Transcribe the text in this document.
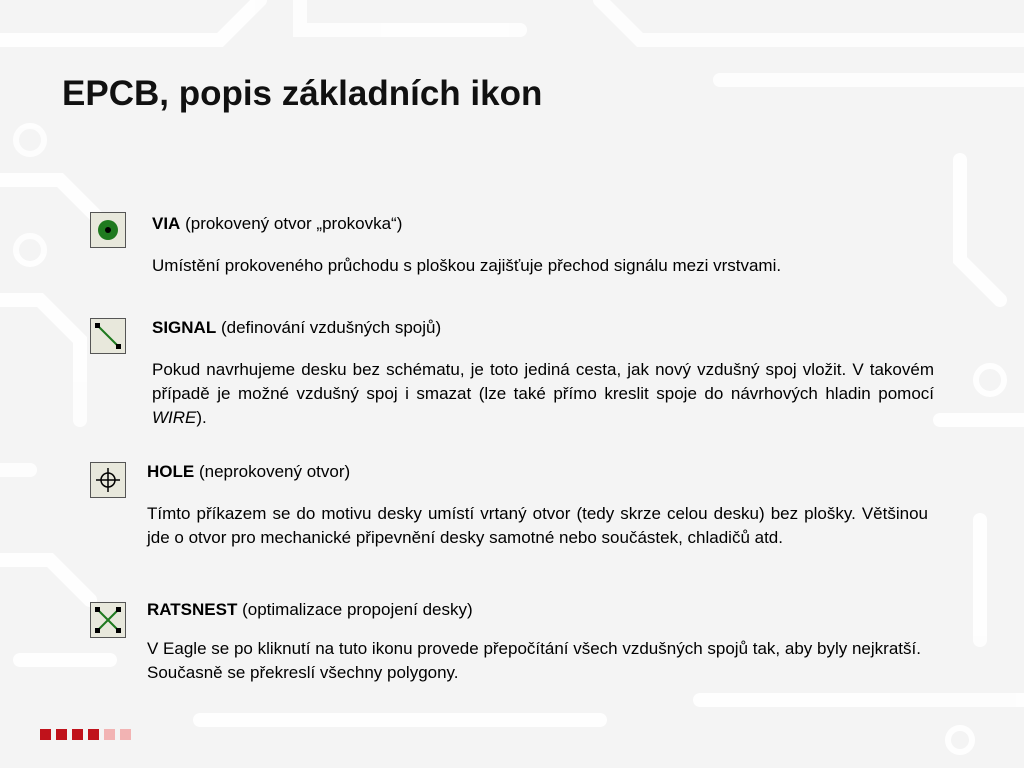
EPCB, popis základních ikon
VIA (prokovený otvor „prokovka“)
Umístění prokoveného průchodu s ploškou zajišťuje přechod signálu mezi vrstvami.
SIGNAL (definování vzdušných spojů)
Pokud navrhujeme desku bez schématu, je toto jediná cesta, jak nový vzdušný spoj vložit. V takovém případě je možné vzdušný spoj i smazat (lze také přímo kreslit spoje do návrhových hladin pomocí WIRE).
HOLE (neprokovený otvor)
Tímto příkazem se do motivu desky umístí vrtaný otvor (tedy skrze celou desku) bez plošky. Většinou jde o otvor pro mechanické připevnění desky samotné nebo součástek, chladičů atd.
RATSNEST (optimalizace propojení desky)
V Eagle se po kliknutí na tuto ikonu provede přepočítání všech vzdušných spojů tak, aby byly nejkratší. Současně se překreslí všechny polygony.
